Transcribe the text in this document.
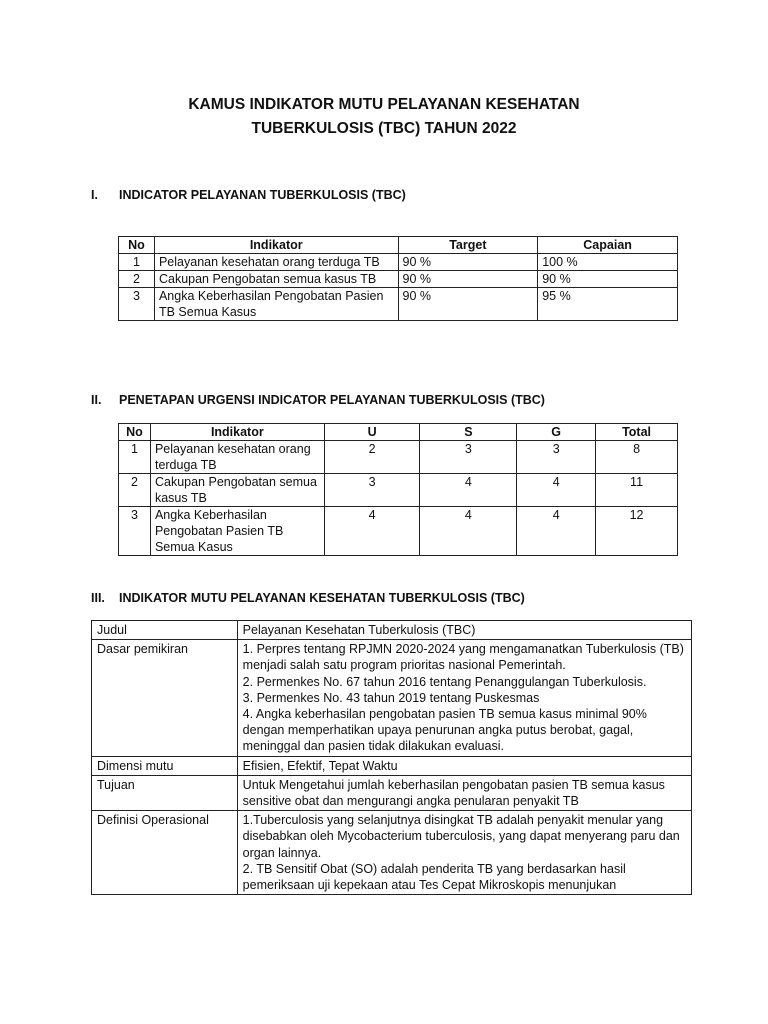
KAMUS INDIKATOR MUTU PELAYANAN KESEHATAN
TUBERKULOSIS (TBC) TAHUN 2022
I. INDICATOR PELAYANAN TUBERKULOSIS (TBC)
No	Indikator	Target	Capaian
1	Pelayanan kesehatan orang terduga TB	90 %	100 %
2	Cakupan Pengobatan semua kasus TB	90 %	90 %
3	Angka Keberhasilan Pengobatan Pasien TB Semua Kasus	90 %	95 %
II. PENETAPAN URGENSI INDICATOR PELAYANAN TUBERKULOSIS (TBC)
No	Indikator	U	S	G	Total
1	Pelayanan kesehatan orang terduga TB	2	3	3	8
2	Cakupan Pengobatan semua kasus TB	3	4	4	11
3	Angka Keberhasilan Pengobatan Pasien TB Semua Kasus	4	4	4	12
III. INDIKATOR MUTU PELAYANAN KESEHATAN TUBERKULOSIS (TBC)
Judul	Pelayanan Kesehatan Tuberkulosis (TBC)

Dasar pemikiran	1. Perpres tentang RPJMN 2020-2024 yang mengamanatkan Tuberkulosis (TB) menjadi salah satu program prioritas nasional Pemerintah.
2. Permenkes No. 67 tahun 2016 tentang Penanggulangan Tuberkulosis.
3. Permenkes No. 43 tahun 2019 tentang Puskesmas
4. Angka keberhasilan pengobatan pasien TB semua kasus minimal 90% dengan memperhatikan upaya penurunan angka putus berobat, gagal, meninggal dan pasien tidak dilakukan evaluasi.

Dimensi mutu	Efisien, Efektif, Tepat Waktu

Tujuan	Untuk Mengetahui jumlah keberhasilan pengobatan pasien TB semua kasus sensitive obat dan mengurangi angka penularan penyakit TB

Definisi Operasional	1.Tuberculosis yang selanjutnya disingkat TB adalah penyakit menular yang disebabkan oleh Mycobacterium tuberculosis, yang dapat menyerang paru dan organ lainnya.
2. TB Sensitif Obat (SO) adalah penderita TB yang berdasarkan hasil pemeriksaan uji kepekaan atau Tes Cepat Mikroskopis menunjukan
